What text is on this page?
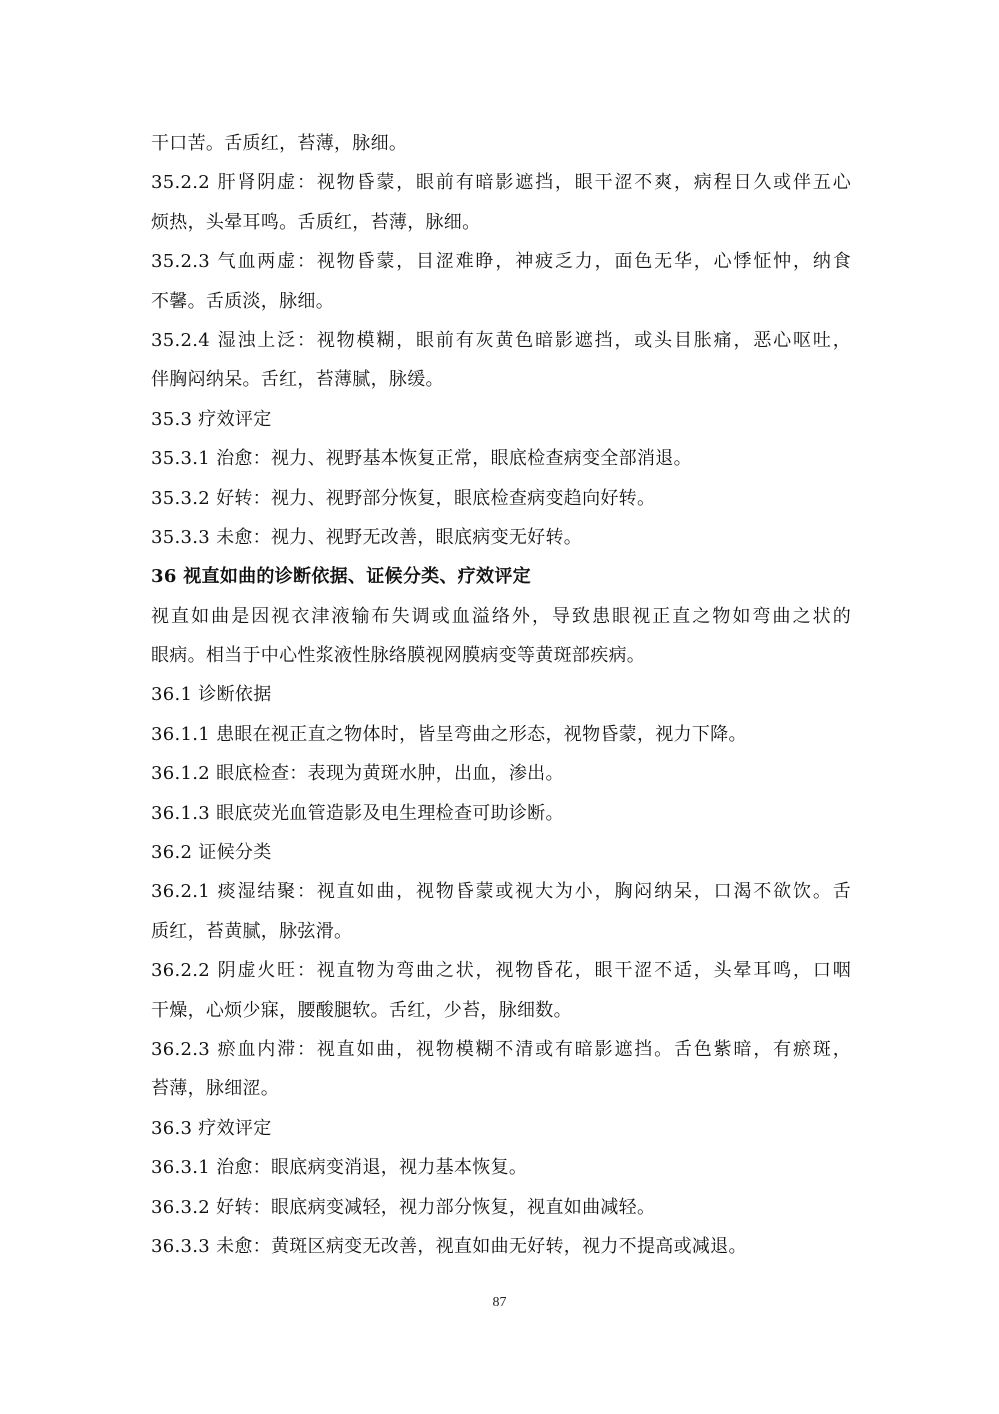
干口苦。舌质红，苔薄，脉细。
35.2.2 肝肾阴虚：视物昏蒙，眼前有暗影遮挡，眼干涩不爽，病程日久或伴五心
烦热，头晕耳鸣。舌质红，苔薄，脉细。
35.2.3 气血两虚：视物昏蒙，目涩难睁，神疲乏力，面色无华，心悸怔忡，纳食
不馨。舌质淡，脉细。
35.2.4 湿浊上泛：视物模糊，眼前有灰黄色暗影遮挡，或头目胀痛，恶心呕吐，
伴胸闷纳呆。舌红，苔薄腻，脉缓。
35.3 疗效评定
35.3.1 治愈：视力、视野基本恢复正常，眼底检查病变全部消退。
35.3.2 好转：视力、视野部分恢复，眼底检查病变趋向好转。
35.3.3 未愈：视力、视野无改善，眼底病变无好转。
36 视直如曲的诊断依据、证候分类、疗效评定
视直如曲是因视衣津液输布失调或血溢络外，导致患眼视正直之物如弯曲之状的
眼病。相当于中心性浆液性脉络膜视网膜病变等黄斑部疾病。
36.1 诊断依据
36.1.1 患眼在视正直之物体时，皆呈弯曲之形态，视物昏蒙，视力下降。
36.1.2 眼底检查：表现为黄斑水肿，出血，渗出。
36.1.3 眼底荧光血管造影及电生理检查可助诊断。
36.2 证候分类
36.2.1 痰湿结聚：视直如曲，视物昏蒙或视大为小，胸闷纳呆，口渴不欲饮。舌
质红，苔黄腻，脉弦滑。
36.2.2 阴虚火旺：视直物为弯曲之状，视物昏花，眼干涩不适，头晕耳鸣，口咽
干燥，心烦少寐，腰酸腿软。舌红，少苔，脉细数。
36.2.3 瘀血内滞：视直如曲，视物模糊不清或有暗影遮挡。舌色紫暗，有瘀斑，
苔薄，脉细涩。
36.3 疗效评定
36.3.1 治愈：眼底病变消退，视力基本恢复。
36.3.2 好转：眼底病变减轻，视力部分恢复，视直如曲减轻。
36.3.3 未愈：黄斑区病变无改善，视直如曲无好转，视力不提高或减退。
87
